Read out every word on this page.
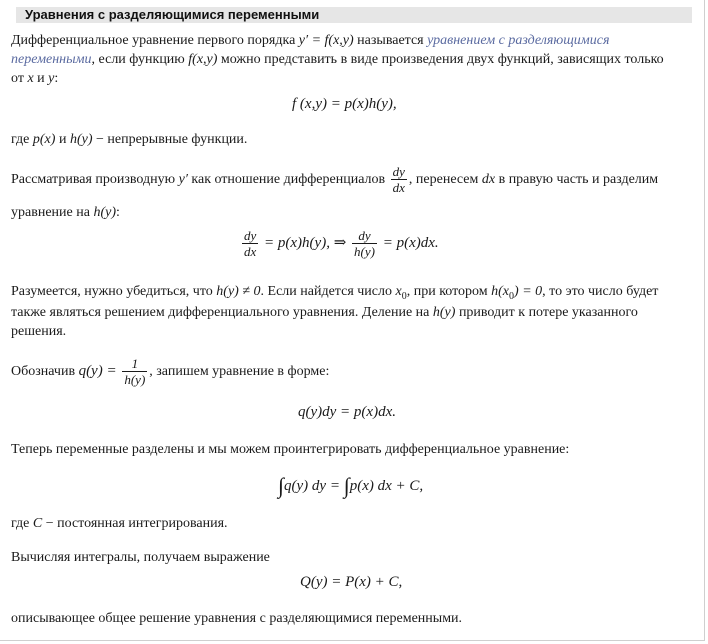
Уравнения с разделяющимися переменными
Дифференциальное уравнение первого порядка y′ = f(x,y) называется уравнением с разделяющимися
переменными, если функцию f(x,y) можно представить в виде произведения двух функций, зависящих только
от x и y:
f (x,y) = p(x)h(y),
где p(x) и h(y) − непрерывные функции.
Рассматривая производную y′ как отношение дифференциалов $\frac{dy}{dx}$ , перенесем dx в правую часть и разделим
уравнение на h(y):
$\frac{dy}{dx} = p(x)h(y)$, ⇒ $\frac{dy}{h(y)} = p(x)dx$.
Разумеется, нужно убедиться, что h(y) ≠ 0. Если найдется число $x_0$, при котором $h(x_0) = 0$, то это число будет
также являться решением дифференциального уравнения. Деление на h(y) приводит к потере указанного
решения.
Обозначив $q(y) = \frac{1}{h(y)}$ , запишем уравнение в форме:
q(y)dy = p(x)dx.
Теперь переменные разделены и мы можем проинтегрировать дифференциальное уравнение:
∫q(y) dy = ∫p(x) dx + C,
где C − постоянная интегрирования.
Вычисляя интегралы, получаем выражение
Q(y) = P(x) + C,
описывающее общее решение уравнения с разделяющимися переменными.
